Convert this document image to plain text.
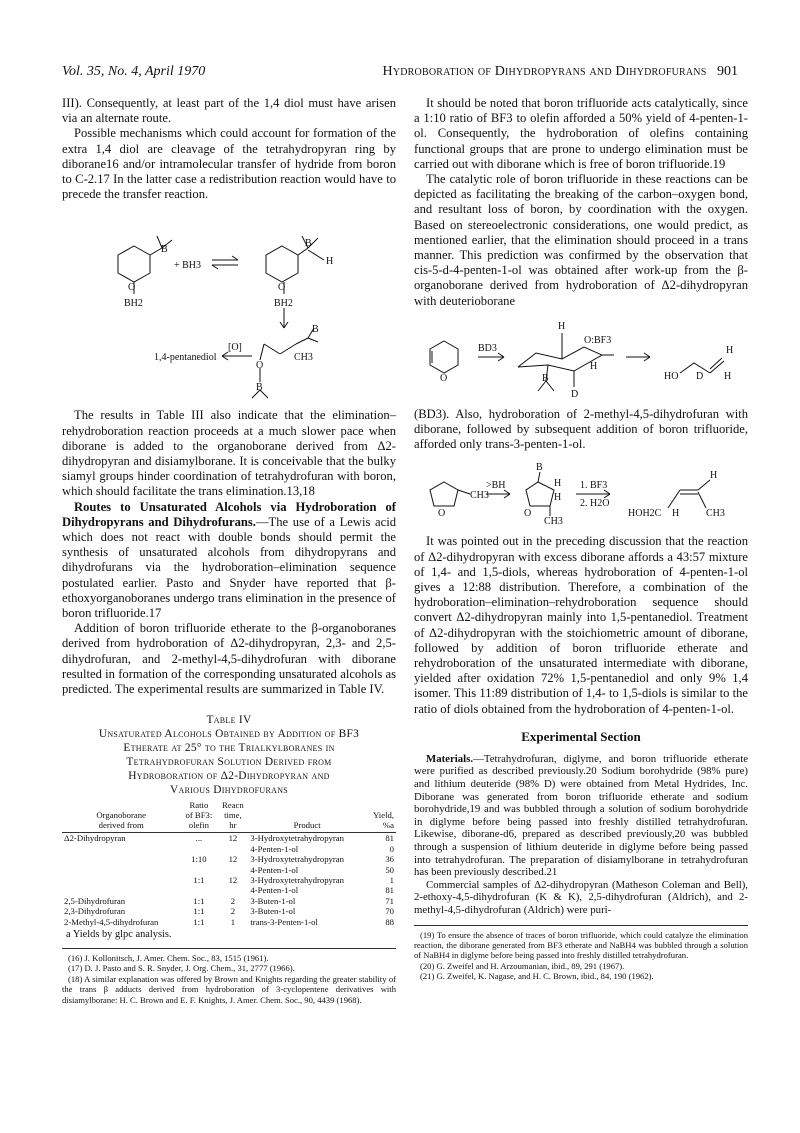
Vol. 35, No. 4, April 1970	Hydroboration of Dihydropyrans and Dihydrofurans 901

III). Consequently, at least part of the 1,4 diol must have arisen via an alternate route.

Possible mechanisms which could account for formation of the extra 1,4 diol are cleavage of the tetrahydropyran ring by diborane16 and/or intramolecular transfer of hydride from boron to C-2.17 In the latter case a redistribution reaction would have to precede the transfer reaction.

O
BH2
B
+ BH3
B
H
O
BH2
B
CH3
O
B
[O]
1,4-pentanediol

The results in Table III also indicate that the elimination–rehydroboration reaction proceeds at a much slower pace when diborane is added to the organoborane derived from Δ2-dihydropyran and disiamylborane. It is conceivable that the bulky siamyl groups hinder coordination of tetrahydrofuran with boron, which should facilitate the trans elimination.13,18

Routes to Unsaturated Alcohols via Hydroboration of Dihydropyrans and Dihydrofurans.—The use of a Lewis acid which does not react with double bonds should permit the synthesis of unsaturated alcohols from dihydropyrans and dihydrofurans via the hydroboration–elimination sequence postulated earlier. Pasto and Snyder have reported that β-ethoxyorganoboranes undergo trans elimination in the presence of boron trifluoride.17

Addition of boron trifluoride etherate to the β-organoboranes derived from hydroboration of Δ2-dihydropyran, 2,3- and 2,5-dihydrofuran, and 2-methyl-4,5-dihydrofuran with diborane resulted in formation of the corresponding unsaturated alcohols as predicted. The experimental results are summarized in Table IV.

Table IV
Unsaturated Alcohols Obtained by Addition of BF3
Etherate at 25° to the Trialkylboranes in
Tetrahydrofuran Solution Derived from
Hydroboration of Δ2-Dihydropyran and
Various Dihydrofurans
	Ratio	Reacn		
Organoborane	of BF3:	time,		Yield,
derived from	olefin	hr	Product	%a
Δ2-Dihydropyran	...	12	3-Hydroxytetrahydropyran	81
			4-Penten-1-ol	0
	1:10	12	3-Hydroxytetrahydropyran	36
			4-Penten-1-ol	50
	1:1	12	3-Hydroxytetrahydropyran	1
			4-Penten-1-ol	81
2,5-Dihydrofuran	1:1	2	3-Buten-1-ol	71
2,3-Dihydrofuran	1:1	2	3-Buten-1-ol	70
2-Methyl-4,5-dihydrofuran	1:1	1	trans-3-Penten-1-ol	88
a Yields by glpc analysis.
(16) J. Kollonitsch, J. Amer. Chem. Soc., 83, 1515 (1961).
(17) D. J. Pasto and S. R. Snyder, J. Org. Chem., 31, 2777 (1966).
(18) A similar explanation was offered by Brown and Knights regarding the greater stability of the trans β adducts derived from hydroboration of 3-cyclopentene derivatives with disiamylborane: H. C. Brown and E. F. Knights, J. Amer. Chem. Soc., 90, 4439 (1968).

It should be noted that boron trifluoride acts catalytically, since a 1:10 ratio of BF3 to olefin afforded a 50% yield of 4-penten-1-ol. Consequently, the hydroboration of olefins containing functional groups that are prone to undergo elimination must be carried out with diborane which is free of boron trifluoride.19

The catalytic role of boron trifluoride in these reactions can be depicted as facilitating the breaking of the carbon–oxygen bond, and resultant loss of boron, by coordination with the oxygen. Based on stereoelectronic considerations, one would predict, as mentioned earlier, that the elimination should proceed in a trans manner. This prediction was confirmed by the observation that cis-5-d-4-penten-1-ol was obtained after work-up from the β-organoborane derived from hydroboration of Δ2-dihydropyran with deuterioborane

O
BD3
H
O:BF3
H
D
B	HO D
H
H

(BD3). Also, hydroboration of 2-methyl-4,5-dihydrofuran with diborane, followed by subsequent addition of boron trifluoride, afforded only trans-3-penten-1-ol.

O
CH3
>BH
B
H
H
O
CH3
1. BF3
2. H2O
HOH2C H
H
CH3

It was pointed out in the preceding discussion that the reaction of Δ2-dihydropyran with excess diborane affords a 43:57 mixture of 1,4- and 1,5-diols, whereas hydroboration of 4-penten-1-ol gives a 12:88 distribution. Therefore, a combination of the hydroboration–elimination–rehydroboration sequence should convert Δ2-dihydropyran mainly into 1,5-pentanediol. Treatment of Δ2-dihydropyran with the stoichiometric amount of diborane, followed by addition of boron trifluoride etherate and rehydroboration of the unsaturated intermediate with diborane, yielded after oxidation 72% 1,5-pentanediol and only 9% 1,4 isomer. This 11:89 distribution of 1,4- to 1,5-diols is similar to the ratio of diols obtained from the hydroboration of 4-penten-1-ol.

Experimental Section

Materials.—Tetrahydrofuran, diglyme, and boron trifluoride etherate were purified as described previously.20 Sodium borohydride (98% pure) and lithium deuteride (98% D) were obtained from Metal Hydrides, Inc. Diborane was generated from boron trifluoride etherate and sodium borohydride,19 and was bubbled through a solution of sodium borohydride in diglyme before being passed into freshly distilled tetrahydrofuran. Likewise, diborane-d6, prepared as described previously,20 was bubbled through a suspension of lithium deuteride in diglyme before being passed into tetrahydrofuran. The preparation of disiamylborane in tetrahydrofuran has been previously described.21

Commercial samples of Δ2-dihydropyran (Matheson Coleman and Bell), 2-ethoxy-4,5-dihydrofuran (K & K), 2,5-dihydrofuran (Aldrich), and 2-methyl-4,5-dihydrofuran (Aldrich) were puri-

(19) To ensure the absence of traces of boron trifluoride, which could catalyze the elimination reaction, the diborane generated from BF3 etherate and NaBH4 was bubbled through a solution of NaBH4 in diglyme before being passed into freshly distilled tetrahydrofuran.
(20) G. Zweifel and H. Arzoumanian, ibid., 89, 291 (1967).
(21) G. Zweifel, K. Nagase, and H. C. Brown, ibid., 84, 190 (1962).
